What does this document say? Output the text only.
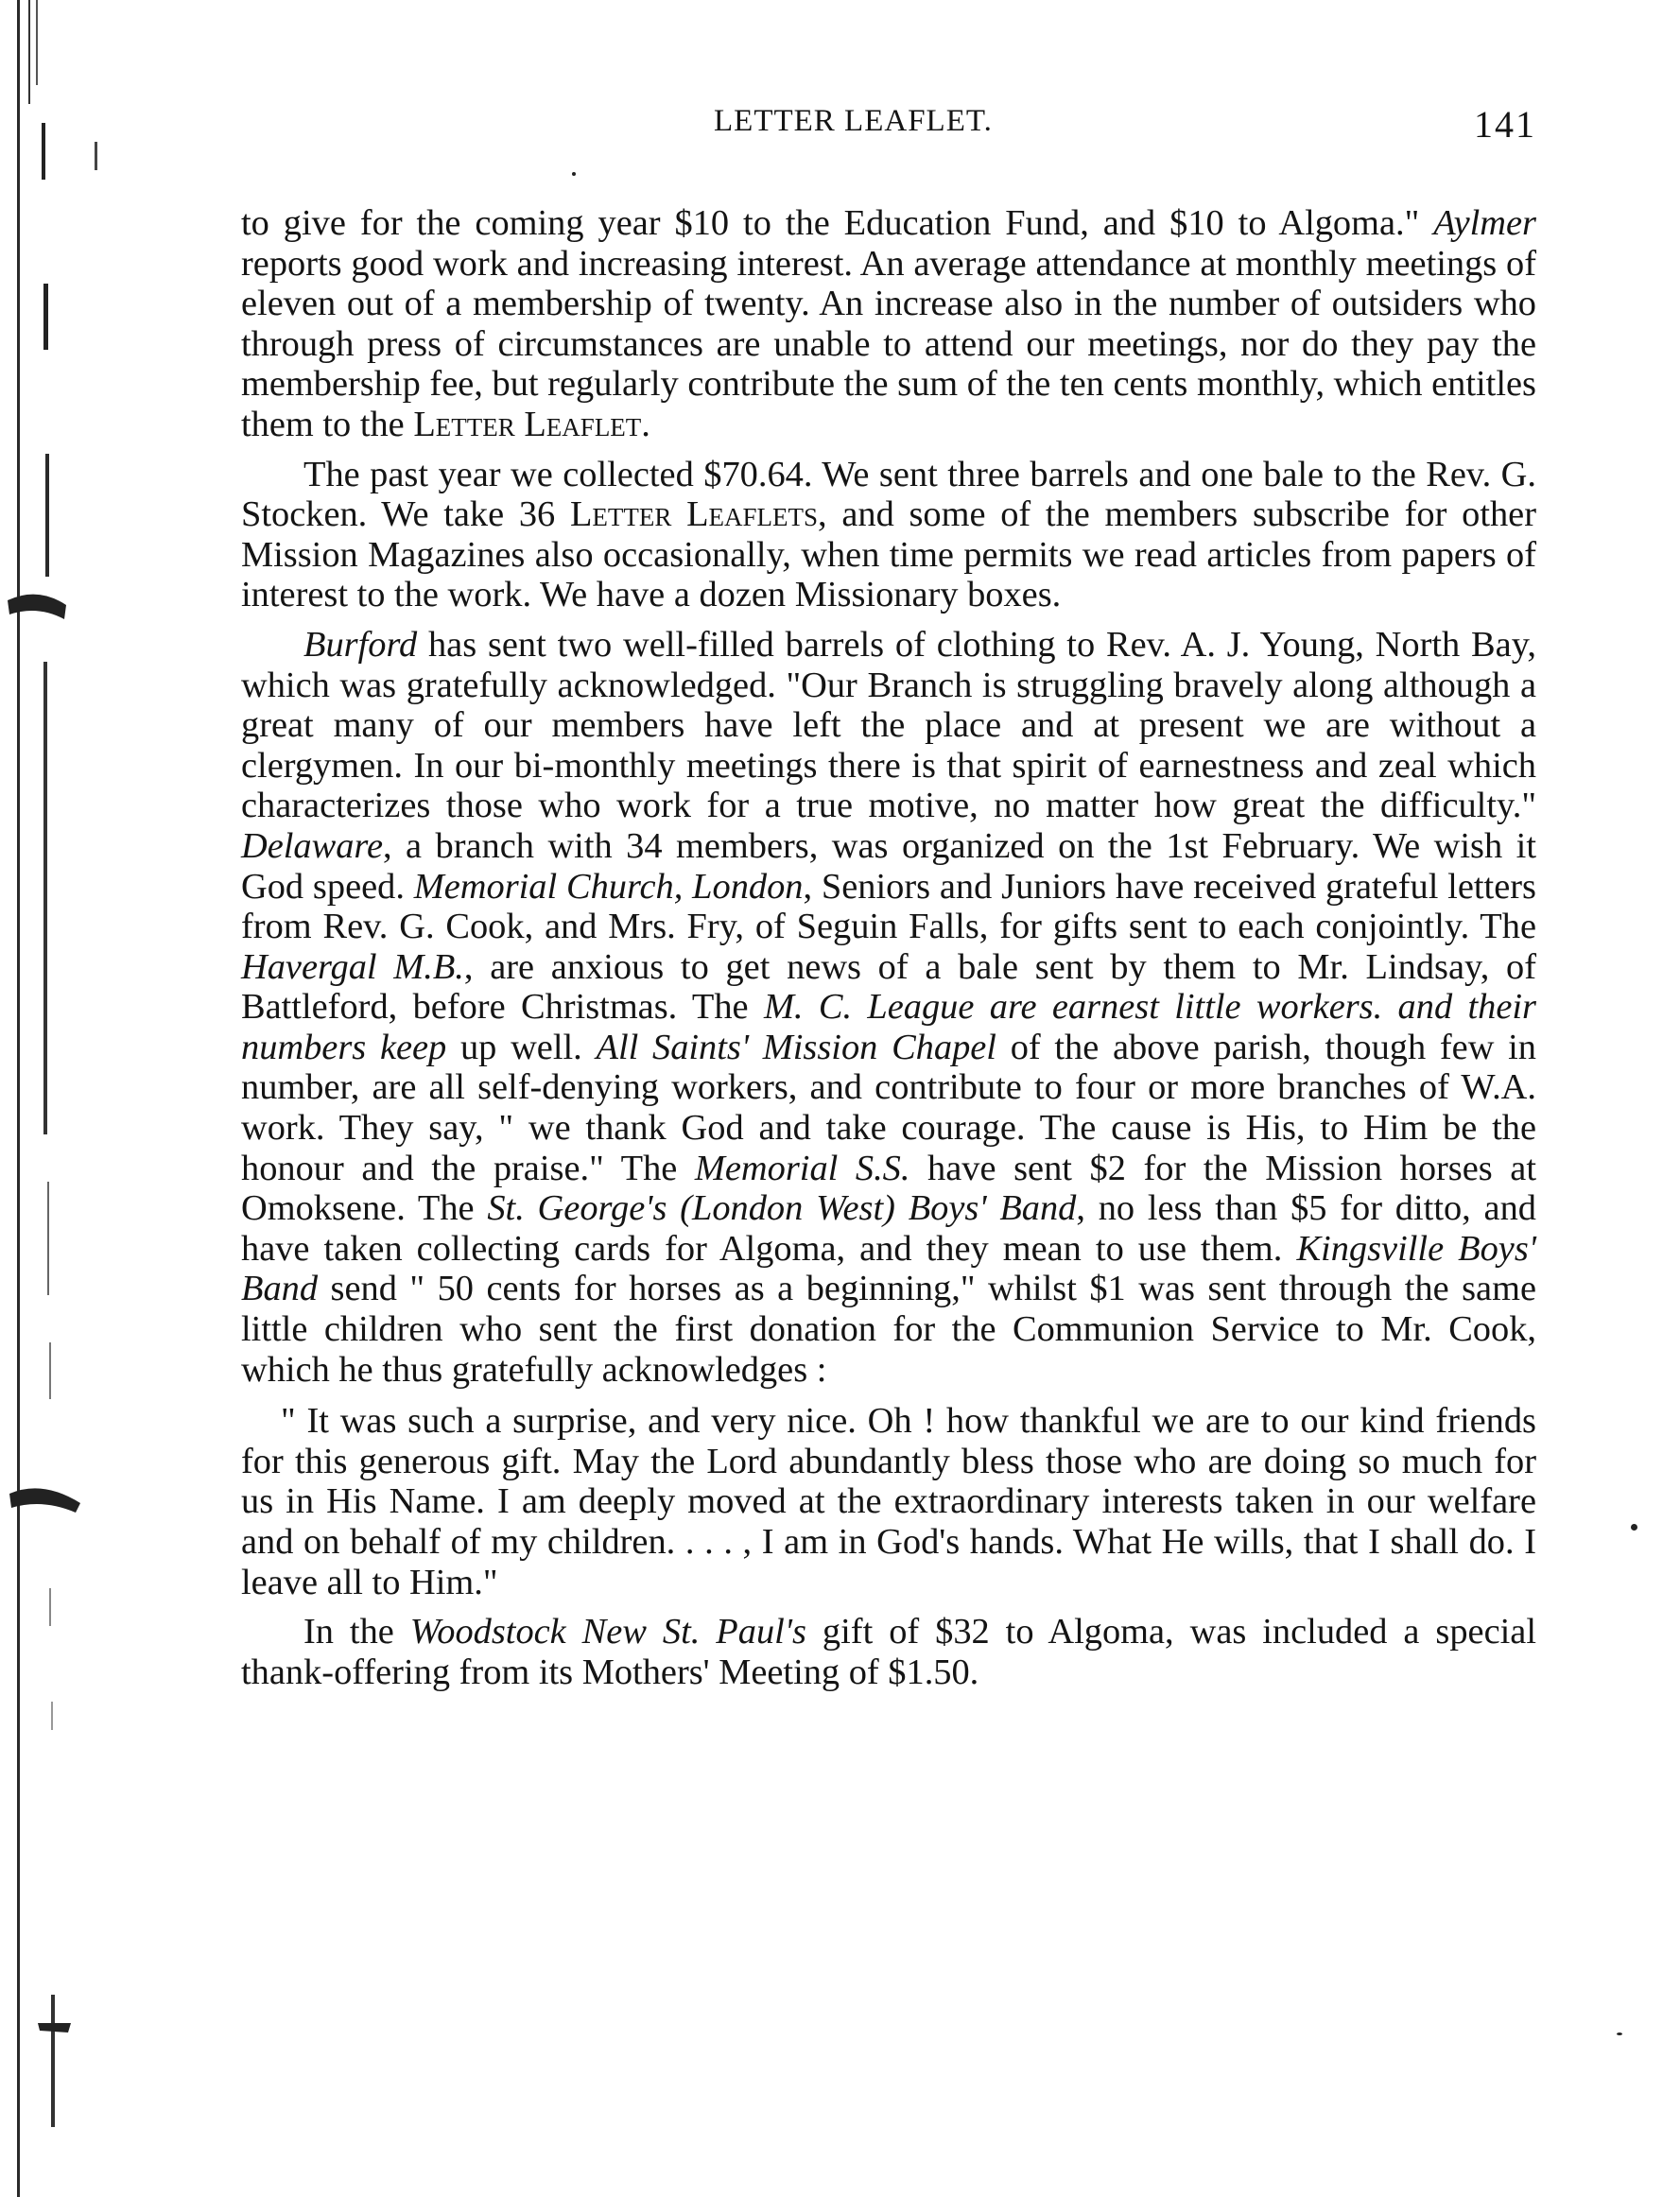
LETTER LEAFLET.	141

to give for the coming year $10 to the Education Fund, and $10 to Algoma." Aylmer reports good work and increasing interest. An average attendance at monthly meetings of eleven out of a membership of twenty. An increase also in the number of outsiders who through press of circumstances are unable to attend our meetings, nor do they pay the membership fee, but regularly contribute the sum of the ten cents monthly, which entitles them to the Letter Leaflet.

The past year we collected $70.64. We sent three barrels and one bale to the Rev. G. Stocken. We take 36 Letter Leaflets, and some of the members subscribe for other Mission Magazines also occasionally, when time permits we read articles from papers of interest to the work. We have a dozen Missionary boxes.

Burford has sent two well-filled barrels of clothing to Rev. A. J. Young, North Bay, which was gratefully acknowledged. "Our Branch is struggling bravely along although a great many of our members have left the place and at present we are without a clergymen. In our bi-monthly meetings there is that spirit of earnestness and zeal which characterizes those who work for a true motive, no matter how great the difficulty." Delaware, a branch with 34 members, was organized on the 1st February. We wish it God speed. Memorial Church, London, Seniors and Juniors have received grateful letters from Rev. G. Cook, and Mrs. Fry, of Seguin Falls, for gifts sent to each conjointly. The Havergal M.B., are anxious to get news of a bale sent by them to Mr. Lindsay, of Battleford, before Christmas. The M. C. League are earnest little workers. and their numbers keep up well. All Saints' Mission Chapel of the above parish, though few in number, are all self-denying workers, and contribute to four or more branches of W.A. work. They say, " we thank God and take courage. The cause is His, to Him be the honour and the praise." The Memorial S.S. have sent $2 for the Mission horses at Omoksene. The St. George's (London West) Boys' Band, no less than $5 for ditto, and have taken collecting cards for Algoma, and they mean to use them. Kingsville Boys' Band send " 50 cents for horses as a beginning," whilst $1 was sent through the same little children who sent the first donation for the Communion Service to Mr. Cook, which he thus gratefully acknowledges :

" It was such a surprise, and very nice. Oh ! how thankful we are to our kind friends for this generous gift. May the Lord abundantly bless those who are doing so much for us in His Name. I am deeply moved at the extraordinary interests taken in our welfare and on behalf of my children. . . . , I am in God's hands. What He wills, that I shall do. I leave all to Him."

In the Woodstock New St. Paul's gift of $32 to Algoma, was included a special thank-offering from its Mothers' Meeting of $1.50.
